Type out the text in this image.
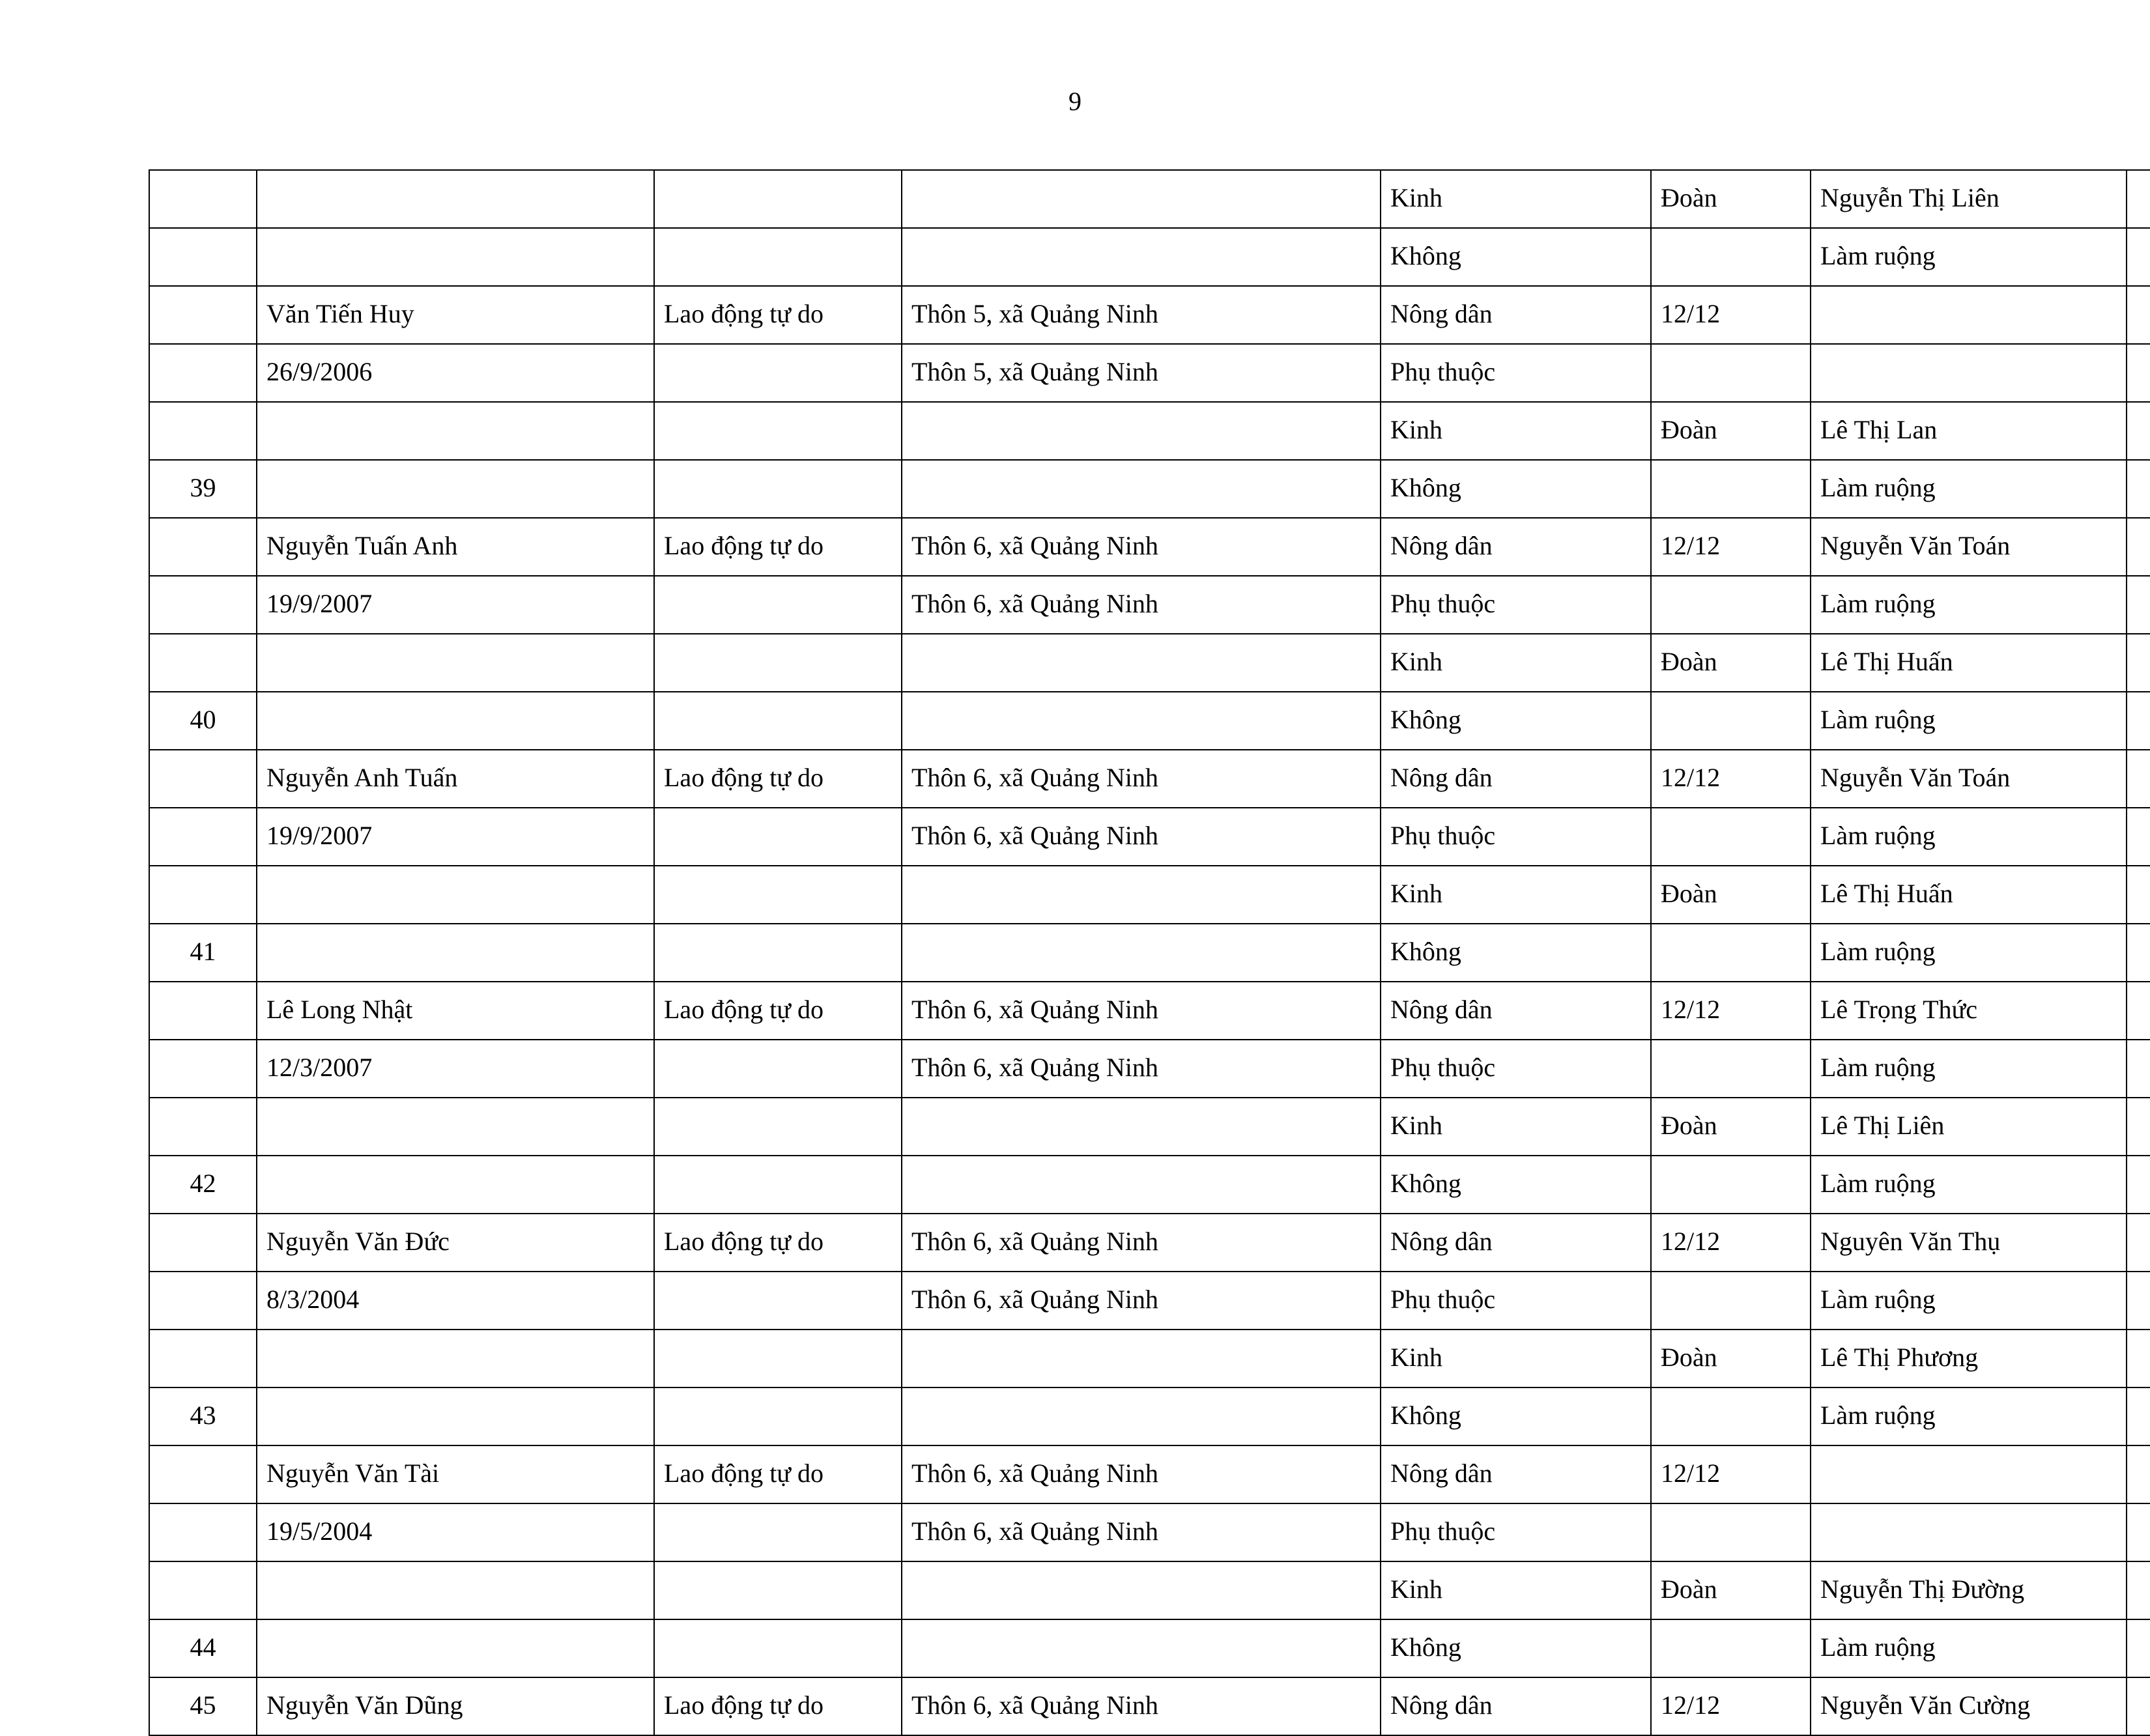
9
				Kinh	Đoàn	Nguyễn Thị Liên	
				Không		Làm ruộng	
	Văn Tiến Huy	Lao động tự do	Thôn 5, xã Quảng Ninh	Nông dân	12/12		
	26/9/2006		Thôn 5, xã Quảng Ninh	Phụ thuộc			
				Kinh	Đoàn	Lê Thị Lan	
39				Không		Làm ruộng	
	Nguyễn Tuấn Anh	Lao động tự do	Thôn 6, xã Quảng Ninh	Nông dân	12/12	Nguyễn Văn Toán	
	19/9/2007		Thôn 6, xã Quảng Ninh	Phụ thuộc		Làm ruộng	
				Kinh	Đoàn	Lê Thị Huấn	
40				Không		Làm ruộng	
	Nguyễn Anh Tuấn	Lao động tự do	Thôn 6, xã Quảng Ninh	Nông dân	12/12	Nguyễn Văn Toán	
	19/9/2007		Thôn 6, xã Quảng Ninh	Phụ thuộc		Làm ruộng	
				Kinh	Đoàn	Lê Thị Huấn	
41				Không		Làm ruộng	
	Lê Long Nhật	Lao động tự do	Thôn 6, xã Quảng Ninh	Nông dân	12/12	Lê Trọng Thức	
	12/3/2007		Thôn 6, xã Quảng Ninh	Phụ thuộc		Làm ruộng	
				Kinh	Đoàn	Lê Thị Liên	
42				Không		Làm ruộng	
	Nguyễn Văn Đức	Lao động tự do	Thôn 6, xã Quảng Ninh	Nông dân	12/12	Nguyên Văn Thụ	
	8/3/2004		Thôn 6, xã Quảng Ninh	Phụ thuộc		Làm ruộng	
				Kinh	Đoàn	Lê Thị Phương	
43				Không		Làm ruộng	
	Nguyễn Văn Tài	Lao động tự do	Thôn 6, xã Quảng Ninh	Nông dân	12/12		
	19/5/2004		Thôn 6, xã Quảng Ninh	Phụ thuộc			
				Kinh	Đoàn	Nguyễn Thị Đường	
44				Không		Làm ruộng	
45	Nguyễn Văn Dũng	Lao động tự do	Thôn 6, xã Quảng Ninh	Nông dân	12/12	Nguyễn Văn Cường	
